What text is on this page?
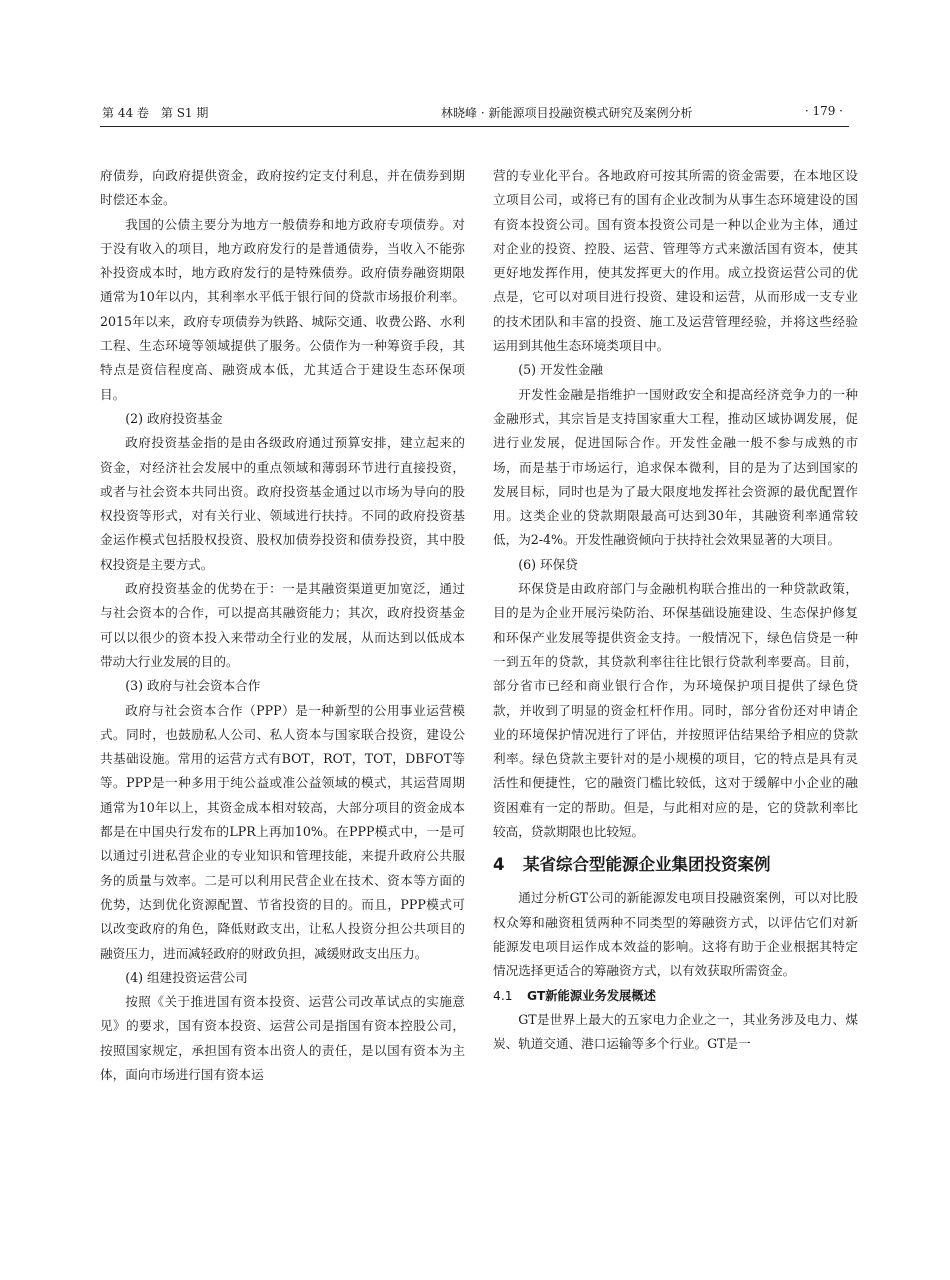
第 44 卷　第 S1 期	林晓峰 · 新能源项目投融资模式研究及案例分析	· 179 ·

府债券，向政府提供资金，政府按约定支付利息，并在债券到期时偿还本金。

我国的公债主要分为地方一般债券和地方政府专项债券。对于没有收入的项目，地方政府发行的是普通债券，当收入不能弥补投资成本时，地方政府发行的是特殊债券。政府债券融资期限通常为10年以内，其利率水平低于银行间的贷款市场报价利率。2015年以来，政府专项债券为铁路、城际交通、收费公路、水利工程、生态环境等领域提供了服务。公债作为一种筹资手段，其特点是资信程度高、融资成本低，尤其适合于建设生态环保项目。

(2) 政府投资基金

政府投资基金指的是由各级政府通过预算安排，建立起来的资金，对经济社会发展中的重点领域和薄弱环节进行直接投资，或者与社会资本共同出资。政府投资基金通过以市场为导向的股权投资等形式，对有关行业、领域进行扶持。不同的政府投资基金运作模式包括股权投资、股权加债券投资和债券投资，其中股权投资是主要方式。

政府投资基金的优势在于：一是其融资渠道更加宽泛，通过与社会资本的合作，可以提高其融资能力；其次，政府投资基金可以以很少的资本投入来带动全行业的发展，从而达到以低成本带动大行业发展的目的。

(3) 政府与社会资本合作

政府与社会资本合作（PPP）是一种新型的公用事业运营模式。同时，也鼓励私人公司、私人资本与国家联合投资，建设公共基础设施。常用的运营方式有BOT，ROT，TOT，DBFOT等等。PPP是一种多用于纯公益或准公益领域的模式，其运营周期通常为10年以上，其资金成本相对较高，大部分项目的资金成本都是在中国央行发布的LPR上再加10%。在PPP模式中，一是可以通过引进私营企业的专业知识和管理技能，来提升政府公共服务的质量与效率。二是可以利用民营企业在技术、资本等方面的优势，达到优化资源配置、节省投资的目的。而且，PPP模式可以改变政府的角色，降低财政支出，让私人投资分担公共项目的融资压力，进而减轻政府的财政负担，减缓财政支出压力。

(4) 组建投资运营公司

按照《关于推进国有资本投资、运营公司改革试点的实施意见》的要求，国有资本投资、运营公司是指国有资本控股公司，按照国家规定，承担国有资本出资人的责任，是以国有资本为主体，面向市场进行国有资本运

营的专业化平台。各地政府可按其所需的资金需要，在本地区设立项目公司，或将已有的国有企业改制为从事生态环境建设的国有资本投资公司。国有资本投资公司是一种以企业为主体，通过对企业的投资、控股、运营、管理等方式来激活国有资本，使其更好地发挥作用，使其发挥更大的作用。成立投资运营公司的优点是，它可以对项目进行投资、建设和运营，从而形成一支专业的技术团队和丰富的投资、施工及运营管理经验，并将这些经验运用到其他生态环境类项目中。

(5) 开发性金融

开发性金融是指维护一国财政安全和提高经济竞争力的一种金融形式，其宗旨是支持国家重大工程，推动区域协调发展，促进行业发展，促进国际合作。开发性金融一般不参与成熟的市场，而是基于市场运行，追求保本微利，目的是为了达到国家的发展目标，同时也是为了最大限度地发挥社会资源的最优配置作用。这类企业的贷款期限最高可达到30年，其融资利率通常较低，为2-4%。开发性融资倾向于扶持社会效果显著的大项目。

(6) 环保贷

环保贷是由政府部门与金融机构联合推出的一种贷款政策，目的是为企业开展污染防治、环保基础设施建设、生态保护修复和环保产业发展等提供资金支持。一般情况下，绿色信贷是一种一到五年的贷款，其贷款利率往往比银行贷款利率要高。目前，部分省市已经和商业银行合作，为环境保护项目提供了绿色贷款，并收到了明显的资金杠杆作用。同时，部分省份还对申请企业的环境保护情况进行了评估，并按照评估结果给予相应的贷款利率。绿色贷款主要针对的是小规模的项目，它的特点是具有灵活性和便捷性，它的融资门槛比较低，这对于缓解中小企业的融资困难有一定的帮助。但是，与此相对应的是，它的贷款利率比较高，贷款期限也比较短。

4 某省综合型能源企业集团投资案例

通过分析GT公司的新能源发电项目投融资案例，可以对比股权众筹和融资租赁两种不同类型的筹融资方式，以评估它们对新能源发电项目运作成本效益的影响。这将有助于企业根据其特定情况选择更适合的筹融资方式，以有效获取所需资金。

4.1 GT新能源业务发展概述

GT是世界上最大的五家电力企业之一，其业务涉及电力、煤炭、轨道交通、港口运输等多个行业。GT是一
